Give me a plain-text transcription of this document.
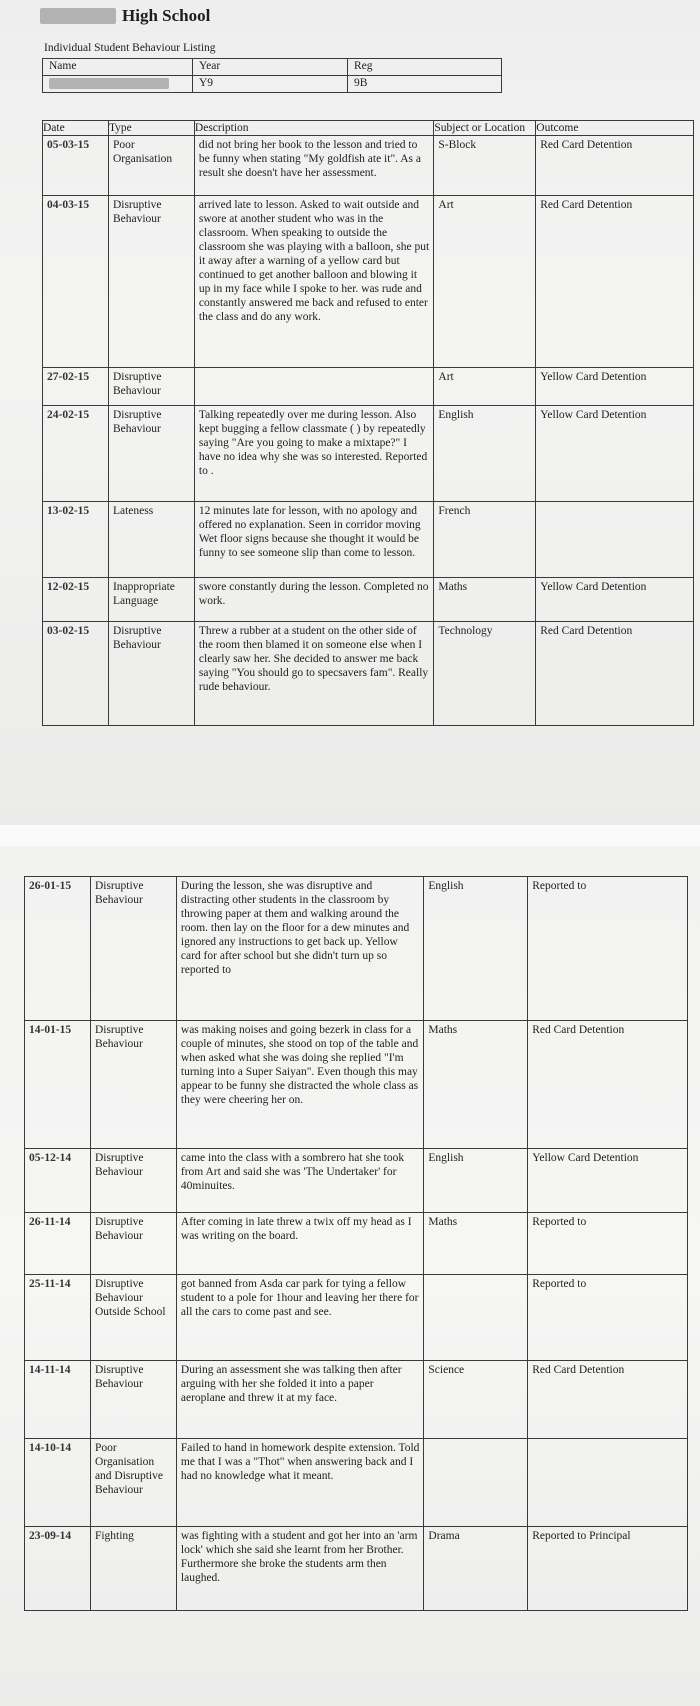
High School
Individual Student Behaviour Listing
Name	Year	Reg
	Y9	9B
Date	Type	Description	Subject or Location	Outcome
05-03-15	Poor Organisation	did not bring her book to the lesson and tried to be funny when stating "My goldfish ate it". As a result she doesn't have her assessment.	S-Block	Red Card Detention
04-03-15	Disruptive Behaviour	arrived late to lesson. Asked to wait outside and swore at another student who was in the classroom. When speaking to outside the classroom she was playing with a balloon, she put it away after a warning of a yellow card but continued to get another balloon and blowing it up in my face while I spoke to her. was rude and constantly answered me back and refused to enter the class and do any work.	Art	Red Card Detention
27-02-15	Disruptive Behaviour		Art	Yellow Card Detention
24-02-15	Disruptive Behaviour	Talking repeatedly over me during lesson. Also kept bugging a fellow classmate ( ) by repeatedly saying "Are you going to make a mixtape?" I have no idea why she was so interested. Reported to .	English	Yellow Card Detention
13-02-15	Lateness	12 minutes late for lesson, with no apology and offered no explanation. Seen in corridor moving Wet floor signs because she thought it would be funny to see someone slip than come to lesson.	French	
12-02-15	Inappropriate Language	swore constantly during the lesson. Completed no work.	Maths	Yellow Card Detention
03-02-15	Disruptive Behaviour	Threw a rubber at a student on the other side of the room then blamed it on someone else when I clearly saw her. She decided to answer me back saying "You should go to specsavers fam". Really rude behaviour.	Technology	Red Card Detention
26-01-15	Disruptive Behaviour	During the lesson, she was disruptive and distracting other students in the classroom by throwing paper at them and walking around the room. then lay on the floor for a dew minutes and ignored any instructions to get back up. Yellow card for after school but she didn't turn up so reported to	English	Reported to
14-01-15	Disruptive Behaviour	was making noises and going bezerk in class for a couple of minutes, she stood on top of the table and when asked what she was doing she replied "I'm turning into a Super Saiyan". Even though this may appear to be funny she distracted the whole class as they were cheering her on.	Maths	Red Card Detention
05-12-14	Disruptive Behaviour	came into the class with a sombrero hat she took from Art and said she was 'The Undertaker' for 40minuites.	English	Yellow Card Detention
26-11-14	Disruptive Behaviour	After coming in late threw a twix off my head as I was writing on the board.	Maths	Reported to
25-11-14	Disruptive Behaviour Outside School	got banned from Asda car park for tying a fellow student to a pole for 1hour and leaving her there for all the cars to come past and see.		Reported to
14-11-14	Disruptive Behaviour	During an assessment she was talking then after arguing with her she folded it into a paper aeroplane and threw it at my face.	Science	Red Card Detention
14-10-14	Poor Organisation and Disruptive Behaviour	Failed to hand in homework despite extension. Told me that I was a "Thot" when answering back and I had no knowledge what it meant.		
23-09-14	Fighting	was fighting with a student and got her into an 'arm lock' which she said she learnt from her Brother. Furthermore she broke the students arm then laughed.	Drama	Reported to Principal
